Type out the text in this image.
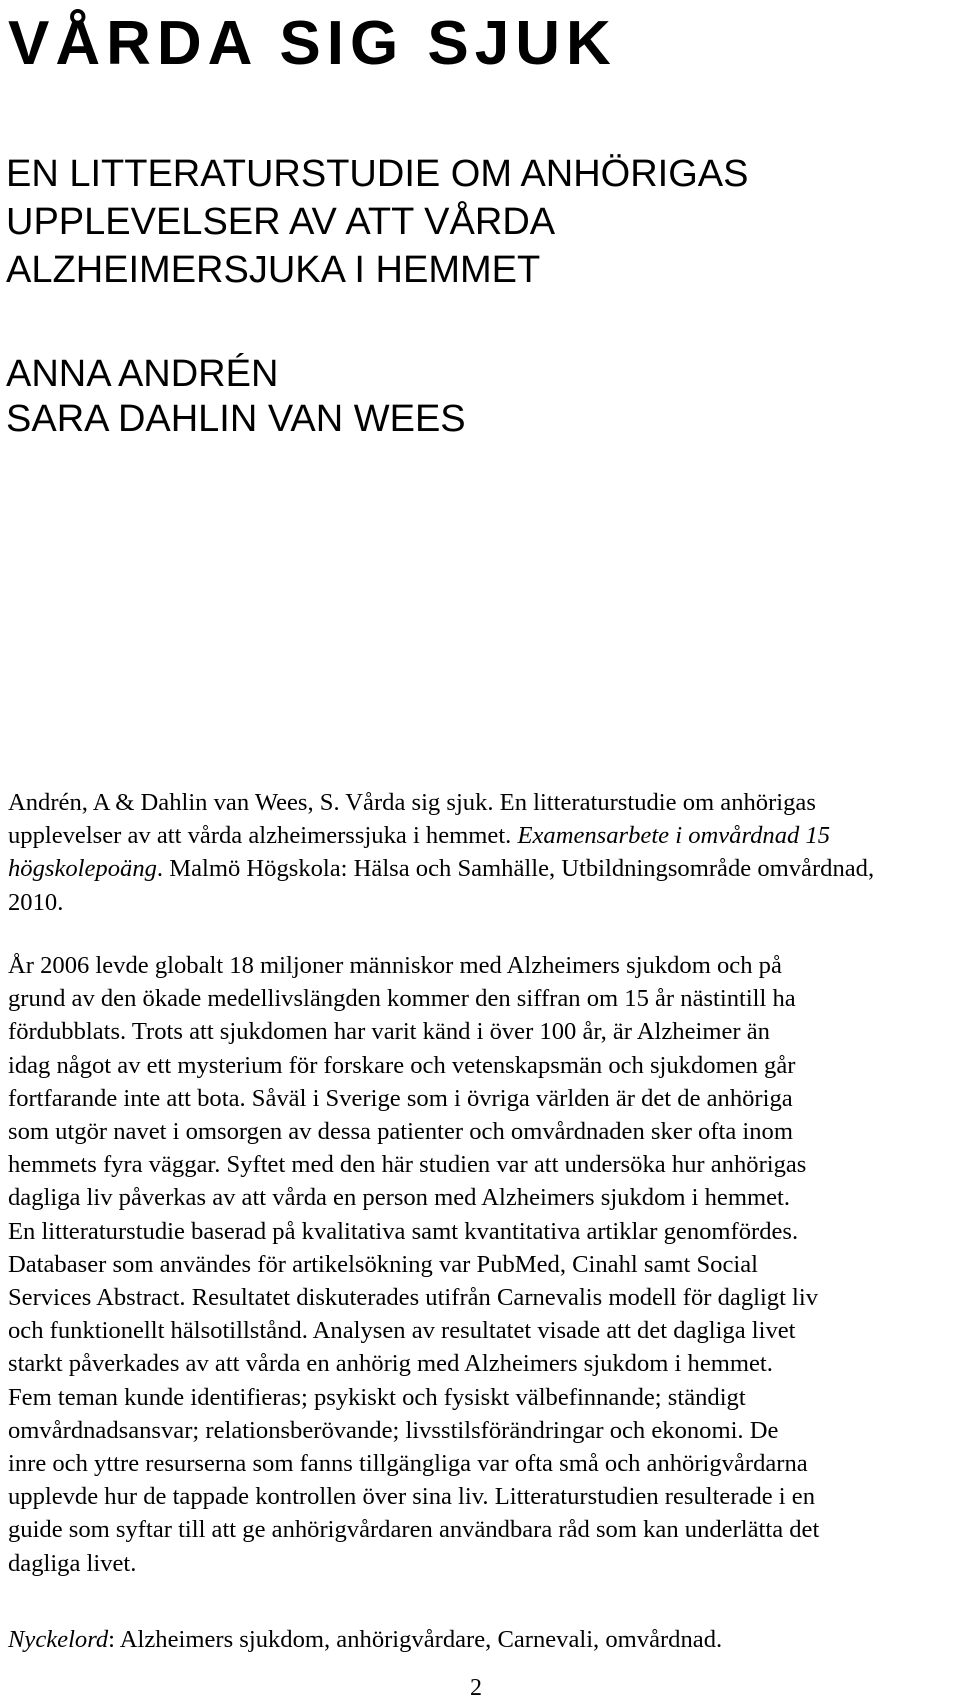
VÅRDA SIG SJUK
EN LITTERATURSTUDIE OM ANHÖRIGAS
UPPLEVELSER AV ATT VÅRDA
ALZHEIMERSJUKA I HEMMET
ANNA ANDRÉN
SARA DAHLIN VAN WEES

Andrén, A & Dahlin van Wees, S. Vårda sig sjuk. En litteraturstudie om anhörigas upplevelser av att vårda alzheimerssjuka i hemmet. Examensarbete i omvårdnad 15 högskolepoäng. Malmö Högskola: Hälsa och Samhälle, Utbildningsområde omvårdnad, 2010.

År 2006 levde globalt 18 miljoner människor med Alzheimers sjukdom och på
grund av den ökade medellivslängden kommer den siffran om 15 år nästintill ha
fördubblats. Trots att sjukdomen har varit känd i över 100 år, är Alzheimer än
idag något av ett mysterium för forskare och vetenskapsmän och sjukdomen går
fortfarande inte att bota. Såväl i Sverige som i övriga världen är det de anhöriga
som utgör navet i omsorgen av dessa patienter och omvårdnaden sker ofta inom
hemmets fyra väggar. Syftet med den här studien var att undersöka hur anhörigas
dagliga liv påverkas av att vårda en person med Alzheimers sjukdom i hemmet.
En litteraturstudie baserad på kvalitativa samt kvantitativa artiklar genomfördes.
Databaser som användes för artikelsökning var PubMed, Cinahl samt Social
Services Abstract. Resultatet diskuterades utifrån Carnevalis modell för dagligt liv
och funktionellt hälsotillstånd. Analysen av resultatet visade att det dagliga livet
starkt påverkades av att vårda en anhörig med Alzheimers sjukdom i hemmet.
Fem teman kunde identifieras; psykiskt och fysiskt välbefinnande; ständigt
omvårdnadsansvar; relationsberövande; livsstilsförändringar och ekonomi. De
inre och yttre resurserna som fanns tillgängliga var ofta små och anhörigvårdarna
upplevde hur de tappade kontrollen över sina liv. Litteraturstudien resulterade i en
guide som syftar till att ge anhörigvårdaren användbara råd som kan underlätta det
dagliga livet.

Nyckelord: Alzheimers sjukdom, anhörigvårdare, Carnevali, omvårdnad.

2
